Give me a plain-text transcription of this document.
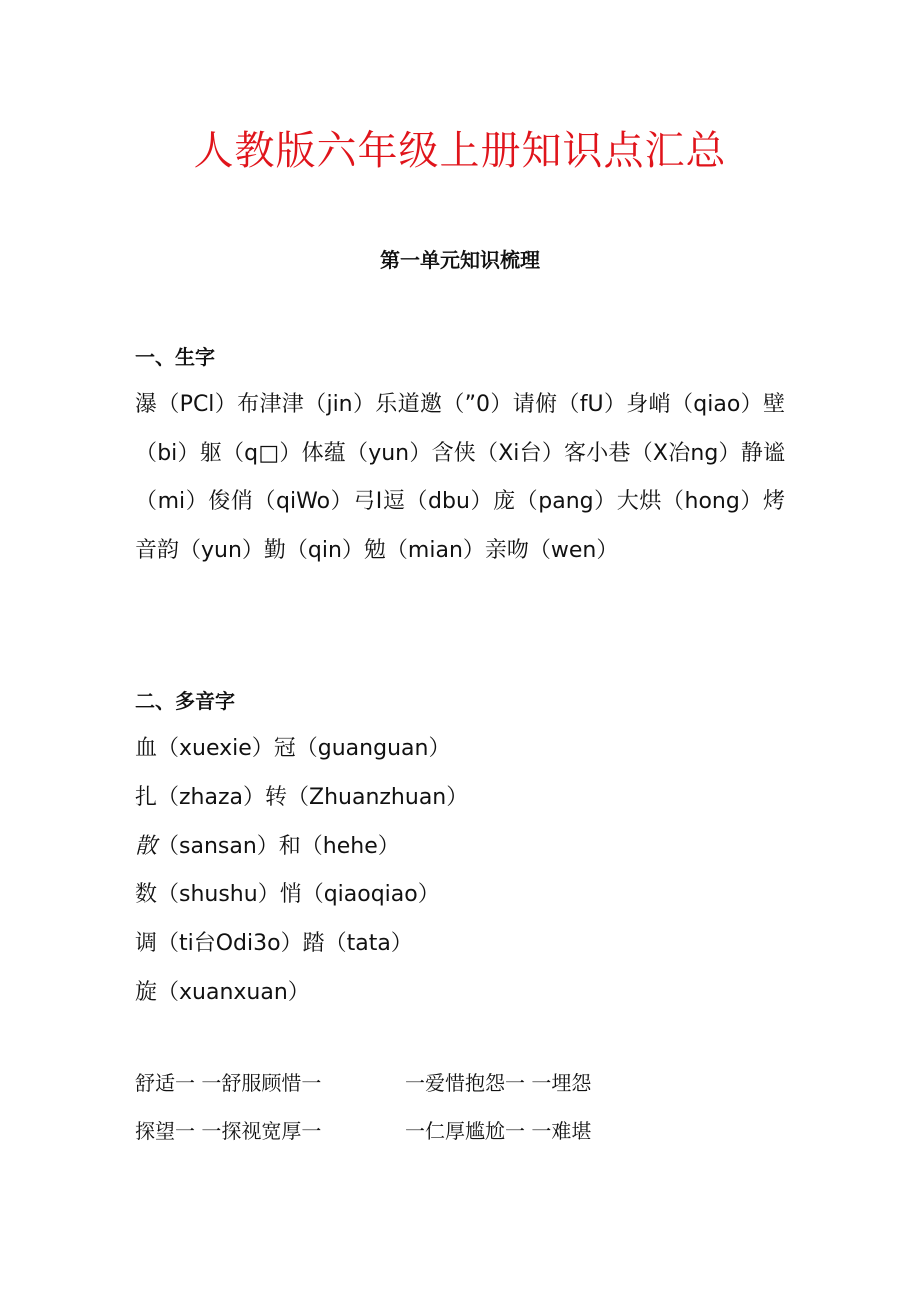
人教版六年级上册知识点汇总
第一单元知识梳理
一、生字
瀑（PCl）布津津（jin）乐道邀（”0）请俯（fU）身峭（qiao）壁（bi）躯（q□）体蕴（yun）含侠（Xi台）客小巷（X冶ng）静谧（mi）俊俏（qiWo）弓I逗（dbu）庞（pang）大烘（hong）烤音韵（yun）勤（qin）勉（mian）亲吻（wen）
二、多音字
血（xuexie）冠（guanguan）
扎（zhaza）转（Zhuanzhuan）
散（sansan）和（hehe）
数（shushu）悄（qiaoqiao）
调（ti台Odi3o）踏（tata）
旋（xuanxuan）
舒适一 一舒服顾惜一	一爱惜抱怨一 一埋怨
探望一 一探视宽厚一	一仁厚尴尬一 一难堪
